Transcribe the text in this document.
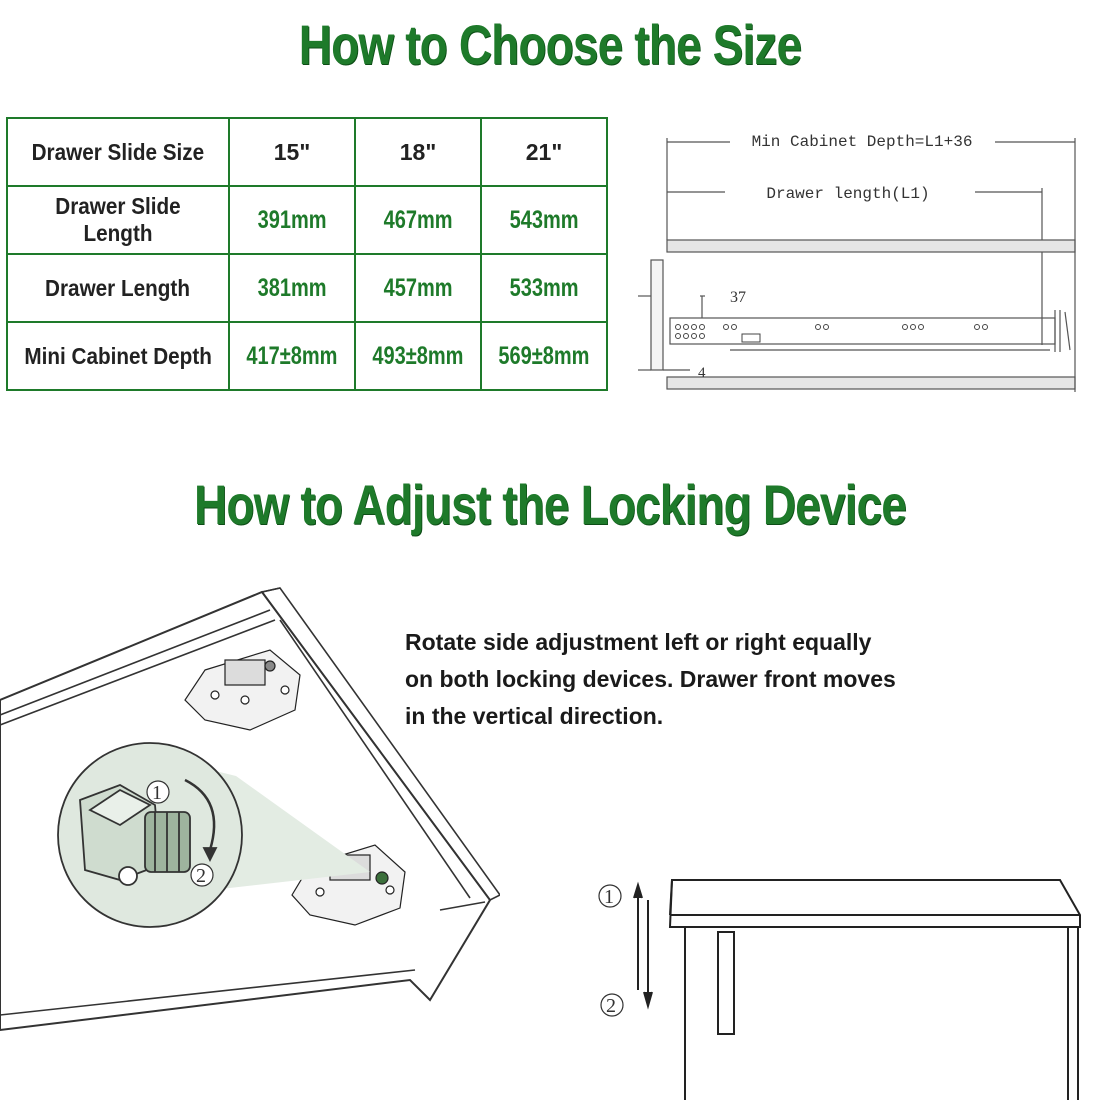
How to Choose the Size
Drawer Slide Size	15"	18"	21"
Drawer Slide Length	391mm	467mm	543mm
Drawer Length	381mm	457mm	533mm
Mini Cabinet Depth	417±8mm	493±8mm	569±8mm
Min Cabinet Depth=L1+36
Drawer length(L1)
37
4
How to Adjust the Locking Device
Rotate side adjustment left or right equally
on both locking devices. Drawer front moves
in the vertical direction.
1
2
1
2
